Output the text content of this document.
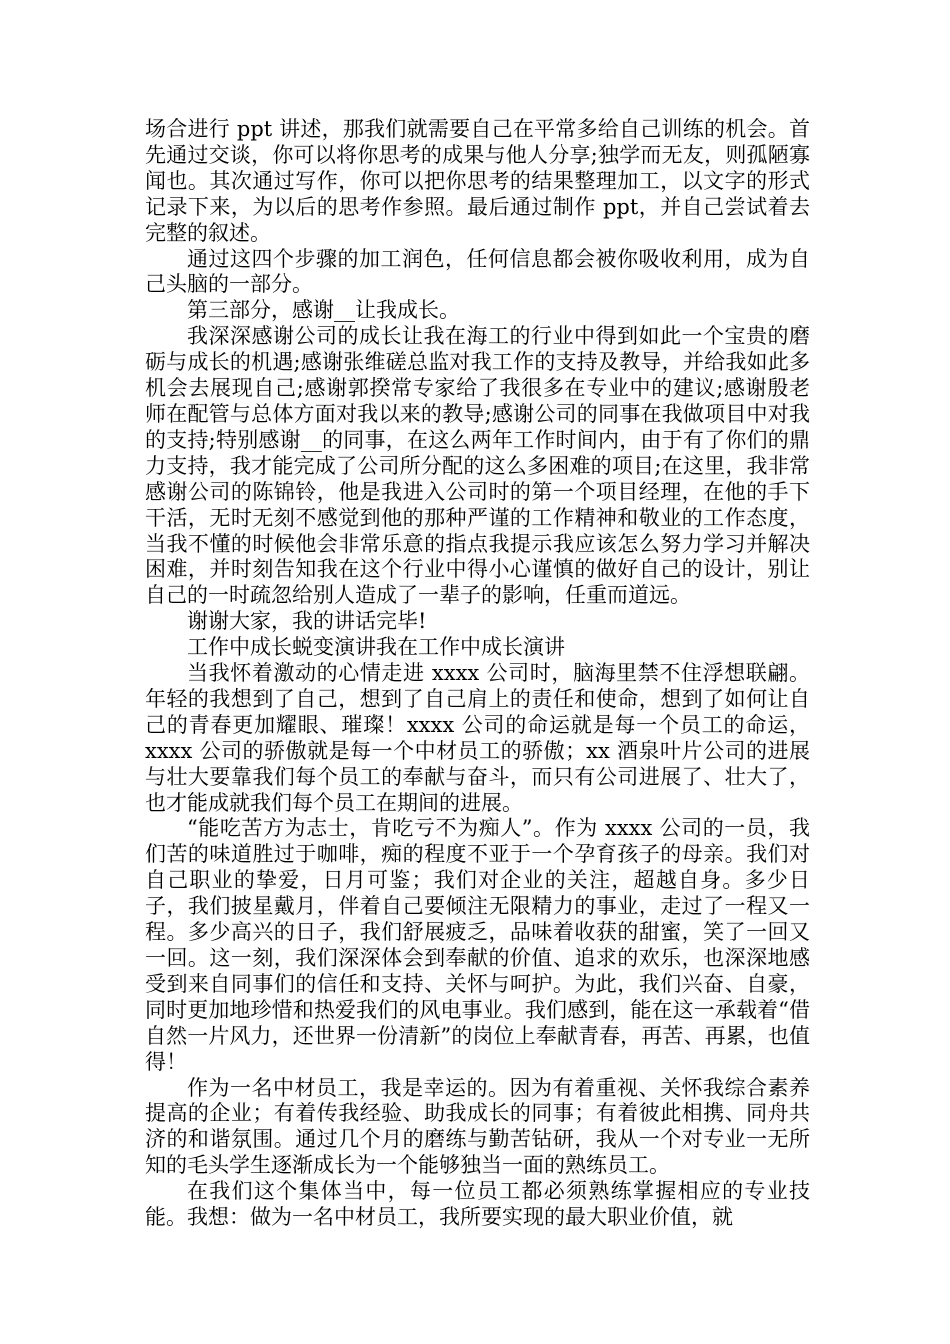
场合进行 ppt 讲述，那我们就需要自己在平常多给自己训练的机会。首先通过交谈，你可以将你思考的成果与他人分享;独学而无友，则孤陋寡闻也。其次通过写作，你可以把你思考的结果整理加工，以文字的形式记录下来，为以后的思考作参照。最后通过制作 ppt，并自己尝试着去完整的叙述。

通过这四个步骤的加工润色，任何信息都会被你吸收利用，成为自己头脑的一部分。

第三部分，感谢__让我成长。

我深深感谢公司的成长让我在海工的行业中得到如此一个宝贵的磨砺与成长的机遇;感谢张维磋总监对我工作的支持及教导，并给我如此多机会去展现自己;感谢郭揆常专家给了我很多在专业中的建议;感谢殷老师在配管与总体方面对我以来的教导;感谢公司的同事在我做项目中对我的支持;特别感谢__的同事，在这么两年工作时间内，由于有了你们的鼎力支持，我才能完成了公司所分配的这么多困难的项目;在这里，我非常感谢公司的陈锦铃，他是我进入公司时的第一个项目经理，在他的手下干活，无时无刻不感觉到他的那种严谨的工作精神和敬业的工作态度，当我不懂的时候他会非常乐意的指点我提示我应该怎么努力学习并解决困难，并时刻告知我在这个行业中得小心谨慎的做好自己的设计，别让自己的一时疏忽给别人造成了一辈子的影响，任重而道远。

谢谢大家，我的讲话完毕!

工作中成长蜕变演讲我在工作中成长演讲

当我怀着激动的心情走进 xxxx 公司时，脑海里禁不住浮想联翩。年轻的我想到了自己，想到了自己肩上的责任和使命，想到了如何让自己的青春更加耀眼、璀璨！xxxx 公司的命运就是每一个员工的命运，xxxx 公司的骄傲就是每一个中材员工的骄傲；xx 酒泉叶片公司的进展与壮大要靠我们每个员工的奉献与奋斗，而只有公司进展了、壮大了，也才能成就我们每个员工在期间的进展。

“能吃苦方为志士，肯吃亏不为痴人”。作为 xxxx 公司的一员，我们苦的味道胜过于咖啡，痴的程度不亚于一个孕育孩子的母亲。我们对自己职业的挚爱，日月可鉴；我们对企业的关注，超越自身。多少日子，我们披星戴月，伴着自己要倾注无限精力的事业，走过了一程又一程。多少高兴的日子，我们舒展疲乏，品味着收获的甜蜜，笑了一回又一回。这一刻，我们深深体会到奉献的价值、追求的欢乐，也深深地感受到来自同事们的信任和支持、关怀与呵护。为此，我们兴奋、自豪，同时更加地珍惜和热爱我们的风电事业。我们感到，能在这一承载着“借自然一片风力，还世界一份清新”的岗位上奉献青春，再苦、再累，也值得！

作为一名中材员工，我是幸运的。因为有着重视、关怀我综合素养提高的企业；有着传我经验、助我成长的同事；有着彼此相携、同舟共济的和谐氛围。通过几个月的磨练与勤苦钻研，我从一个对专业一无所知的毛头学生逐渐成长为一个能够独当一面的熟练员工。

在我们这个集体当中，每一位员工都必须熟练掌握相应的专业技能。我想：做为一名中材员工，我所要实现的最大职业价值，就
